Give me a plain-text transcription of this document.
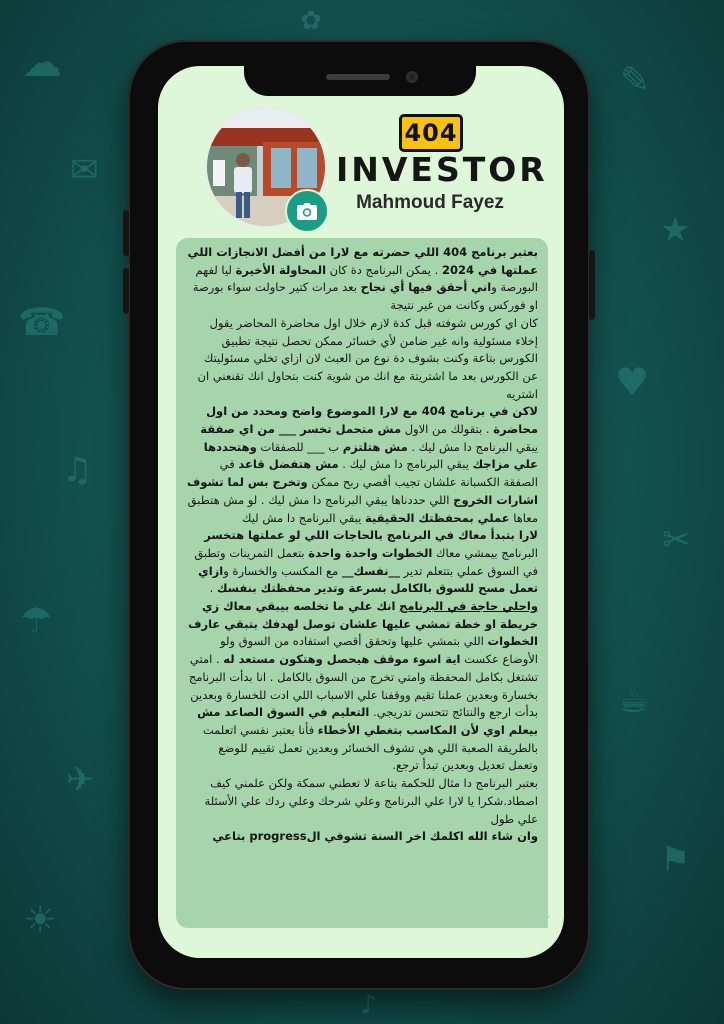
☁
✉
☎
♫
☂
✈
☀
✎
★
♥
✂
☕
⚑
✿
♪
404
INVESTOR
Mahmoud Fayez

بعتبر برنامج 404 اللي حضرته مع لارا من أفضل الانجازات اللي عملتها في 2024 . يمكن البرنامج دة كان المحاولة الأخيرة ليا لفهم البورصة واني أحقق فيها أي نجاح بعد مرات كتير حاولت سواء بورصة او فوركس وكانت من غير نتيجة

كان اي كورس شوفته قبل كدة لازم خلال اول محاضرة المحاضر يقول إخلاء مسئولية وانه غير ضامن لأي خسائر ممكن تحصل نتيجة تطبيق الكورس بتاعة وكنت بشوف دة نوع من العبث لان ازاي تخلي مسئوليتك عن الكورس بعد ما اشتريتة مع انك من شوية كنت بتحاول انك تقنعني ان اشتريه

لاكن في برنامج 404 مع لارا الموضوع واضح ومحدد من اول محاضرة . بتقولك من الاول مش متحمل تخسر ___ من اي صفقة يبقي البرنامج دا مش ليك . مش هتلتزم ب ___ للصفقات وهتحددها علي مزاجك يبقي البرنامج دا مش ليك . مش هتفضل قاعد في الصفقة الكسبانة علشان تجيب أقصي ربح ممكن وتخرج بس لما تشوف اشارات الخروج اللي حددناها يبقي البرنامج دا مش ليك . لو مش هتطبق معاها عملي بمحفظتك الحقيقية يبقي البرنامج دا مش ليك

لارا بتبدأ معاك في البرنامج بالحاجات اللي لو عملتها هتخسر البرنامج بيمشي معاك الخطوات واحدة واحدة بتعمل التمرينات وتطبق في السوق عملي بتتعلم تدير __نفسك__ مع المكسب والخسارة وازاي تعمل مسح للسوق بالكامل بسرعة وتدير محفظتك بنفسك . واحلي حاجة في البرنامج انك علي ما تخلصه بيبقي معاك زي خريطة او خطة تمشي عليها علشان توصل لهدفك بتبقي عارف الخطوات اللي بتمشي عليها وتحقق أقصي استفاده من السوق ولو الأوضاع عكست اية اسوء موقف هيحصل وهتكون مستعد له . امتي تشتغل بكامل المحفظة وامتي تخرج من السوق بالكامل . انا بدأت البرنامج بخسارة وبعدين عملنا تقيم ووقفنا علي الاسباب اللي ادت للخسارة وبعدين بدأت ارجع والنتائج تتحسن تدريجي. التعليم في السوق الصاعد مش بيعلم اوي لأن المكاسب بتغطي الأخطاء فأنا بعتبر نفسي اتعلمت بالطريقة الصعبة اللي هي تشوف الخسائر وبعدين تعمل تقييم للوضع وتعمل تعديل وبعدين تبدأ ترجع.

بعتبر البرنامج دا مثال للحكمة بتاعة لا تعطني سمكة ولكن علمني كيف اصطاد.شكرا يا لارا علي البرنامج وعلي شرحك وعلي ردك علي الأسئلة علي طول

وان شاء الله اكلمك اخر السنة تشوفي الprogress بتاعي
